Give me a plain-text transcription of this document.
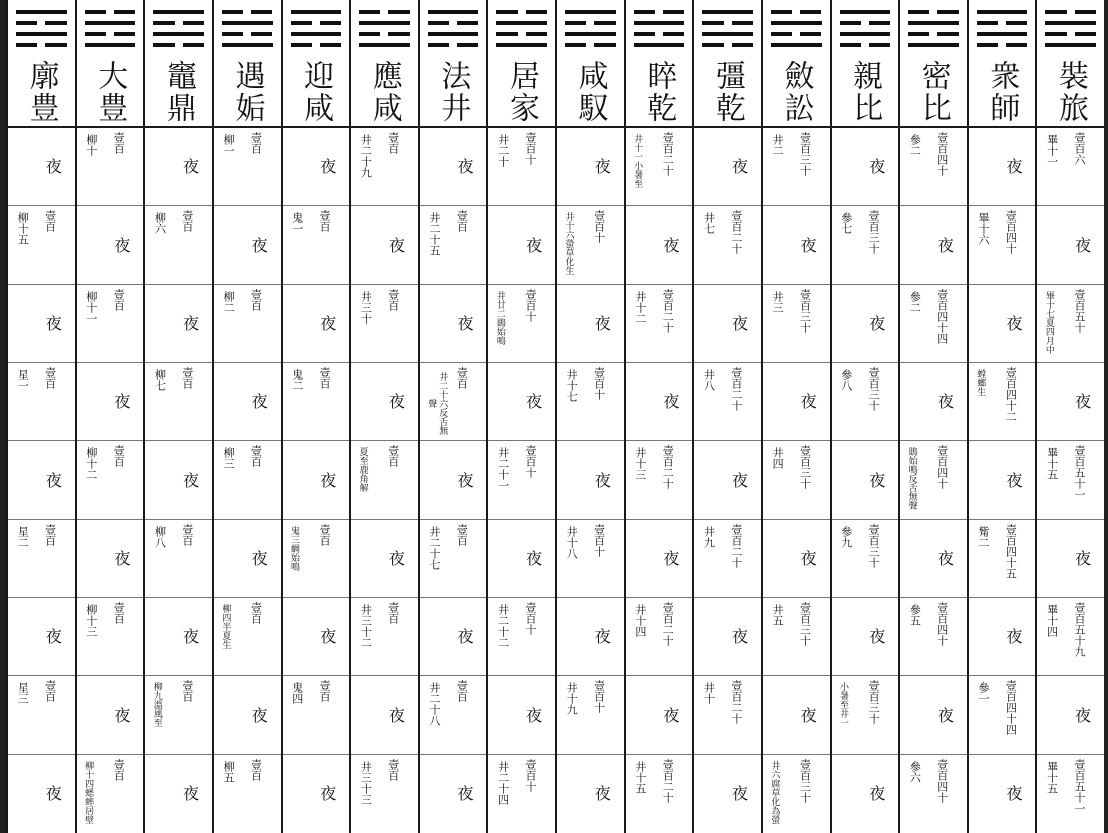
裝旅
壹百六
畢十一
夜
壹百五十
畢十七夏四月中
夜
壹百五十一
畢十五
夜
壹百五十九
畢十四
夜
壹百五十一
畢十五
衆師
夜
壹百四十
畢十六
夜
壹百四十二
螳螂生
夜
壹百四十五
觜二
夜
壹百四十四
參一
夜
密比
壹百四十
參二
夜
壹百四十四
參二
夜
壹百四十
鵙始鳴反舌無聲
夜
壹百四十
參五
夜
壹百四十
參六
親比
夜
壹百三十
參七
夜
壹百三十
參八
夜
壹百三十
參九
夜
壹百三十
小暑至井一
夜
斂訟
壹百三十
井二
夜
壹百三十
井三
夜
壹百三十
井四
夜
壹百三十
井五
夜
壹百三十
井六腐草化為螢
彊乾
夜
壹百二十
井七
夜
壹百二十
井八
夜
壹百二十
井九
夜
壹百二十
井十
夜
睟乾
壹百二十
井十一小暑至
夜
壹百二十
井十二
夜
壹百二十
井十三
夜
壹百二十
井十四
夜
壹百二十
井十五
咸馭
夜
壹百十
井十六螢草化生
夜
壹百十
井十七
夜
壹百十
井十八
夜
壹百十
井十九
夜
居家
壹百十
井二十
夜
壹百十
井廿二鵙始鳴
夜
壹百十
井二十一
夜
壹百十
井二十二
夜
壹百十
井二十四
法井
夜
壹百
井二十五
夜
壹百
井二十六反舌無聲
夜
壹百
井二十七
夜
壹百
井二十八
夜
應咸
壹百
井二十九
夜
壹百
井三十
夜
壹百
夏至鹿角解
夜
壹百
井三十二
夜
壹百
井三十三
迎咸
夜
壹百
鬼一
夜
壹百
鬼二
夜
壹百
鬼三蜩始鳴
夜
壹百
鬼四
夜
遇姤
壹百
柳一
夜
壹百
柳二
夜
壹百
柳三
夜
壹百
柳四半夏生
夜
壹百
柳五
竈鼎
夜
壹百
柳六
夜
壹百
柳七
夜
壹百
柳八
夜
壹百
柳九溫風至
夜
大豊
壹百
柳十
夜
壹百
柳十一
夜
壹百
柳十二
夜
壹百
柳十三
夜
壹百
柳十四蟋蟀居壁
廓豊
夜
壹百
柳十五
夜
壹百
星一
夜
壹百
星二
夜
壹百
星三
夜
